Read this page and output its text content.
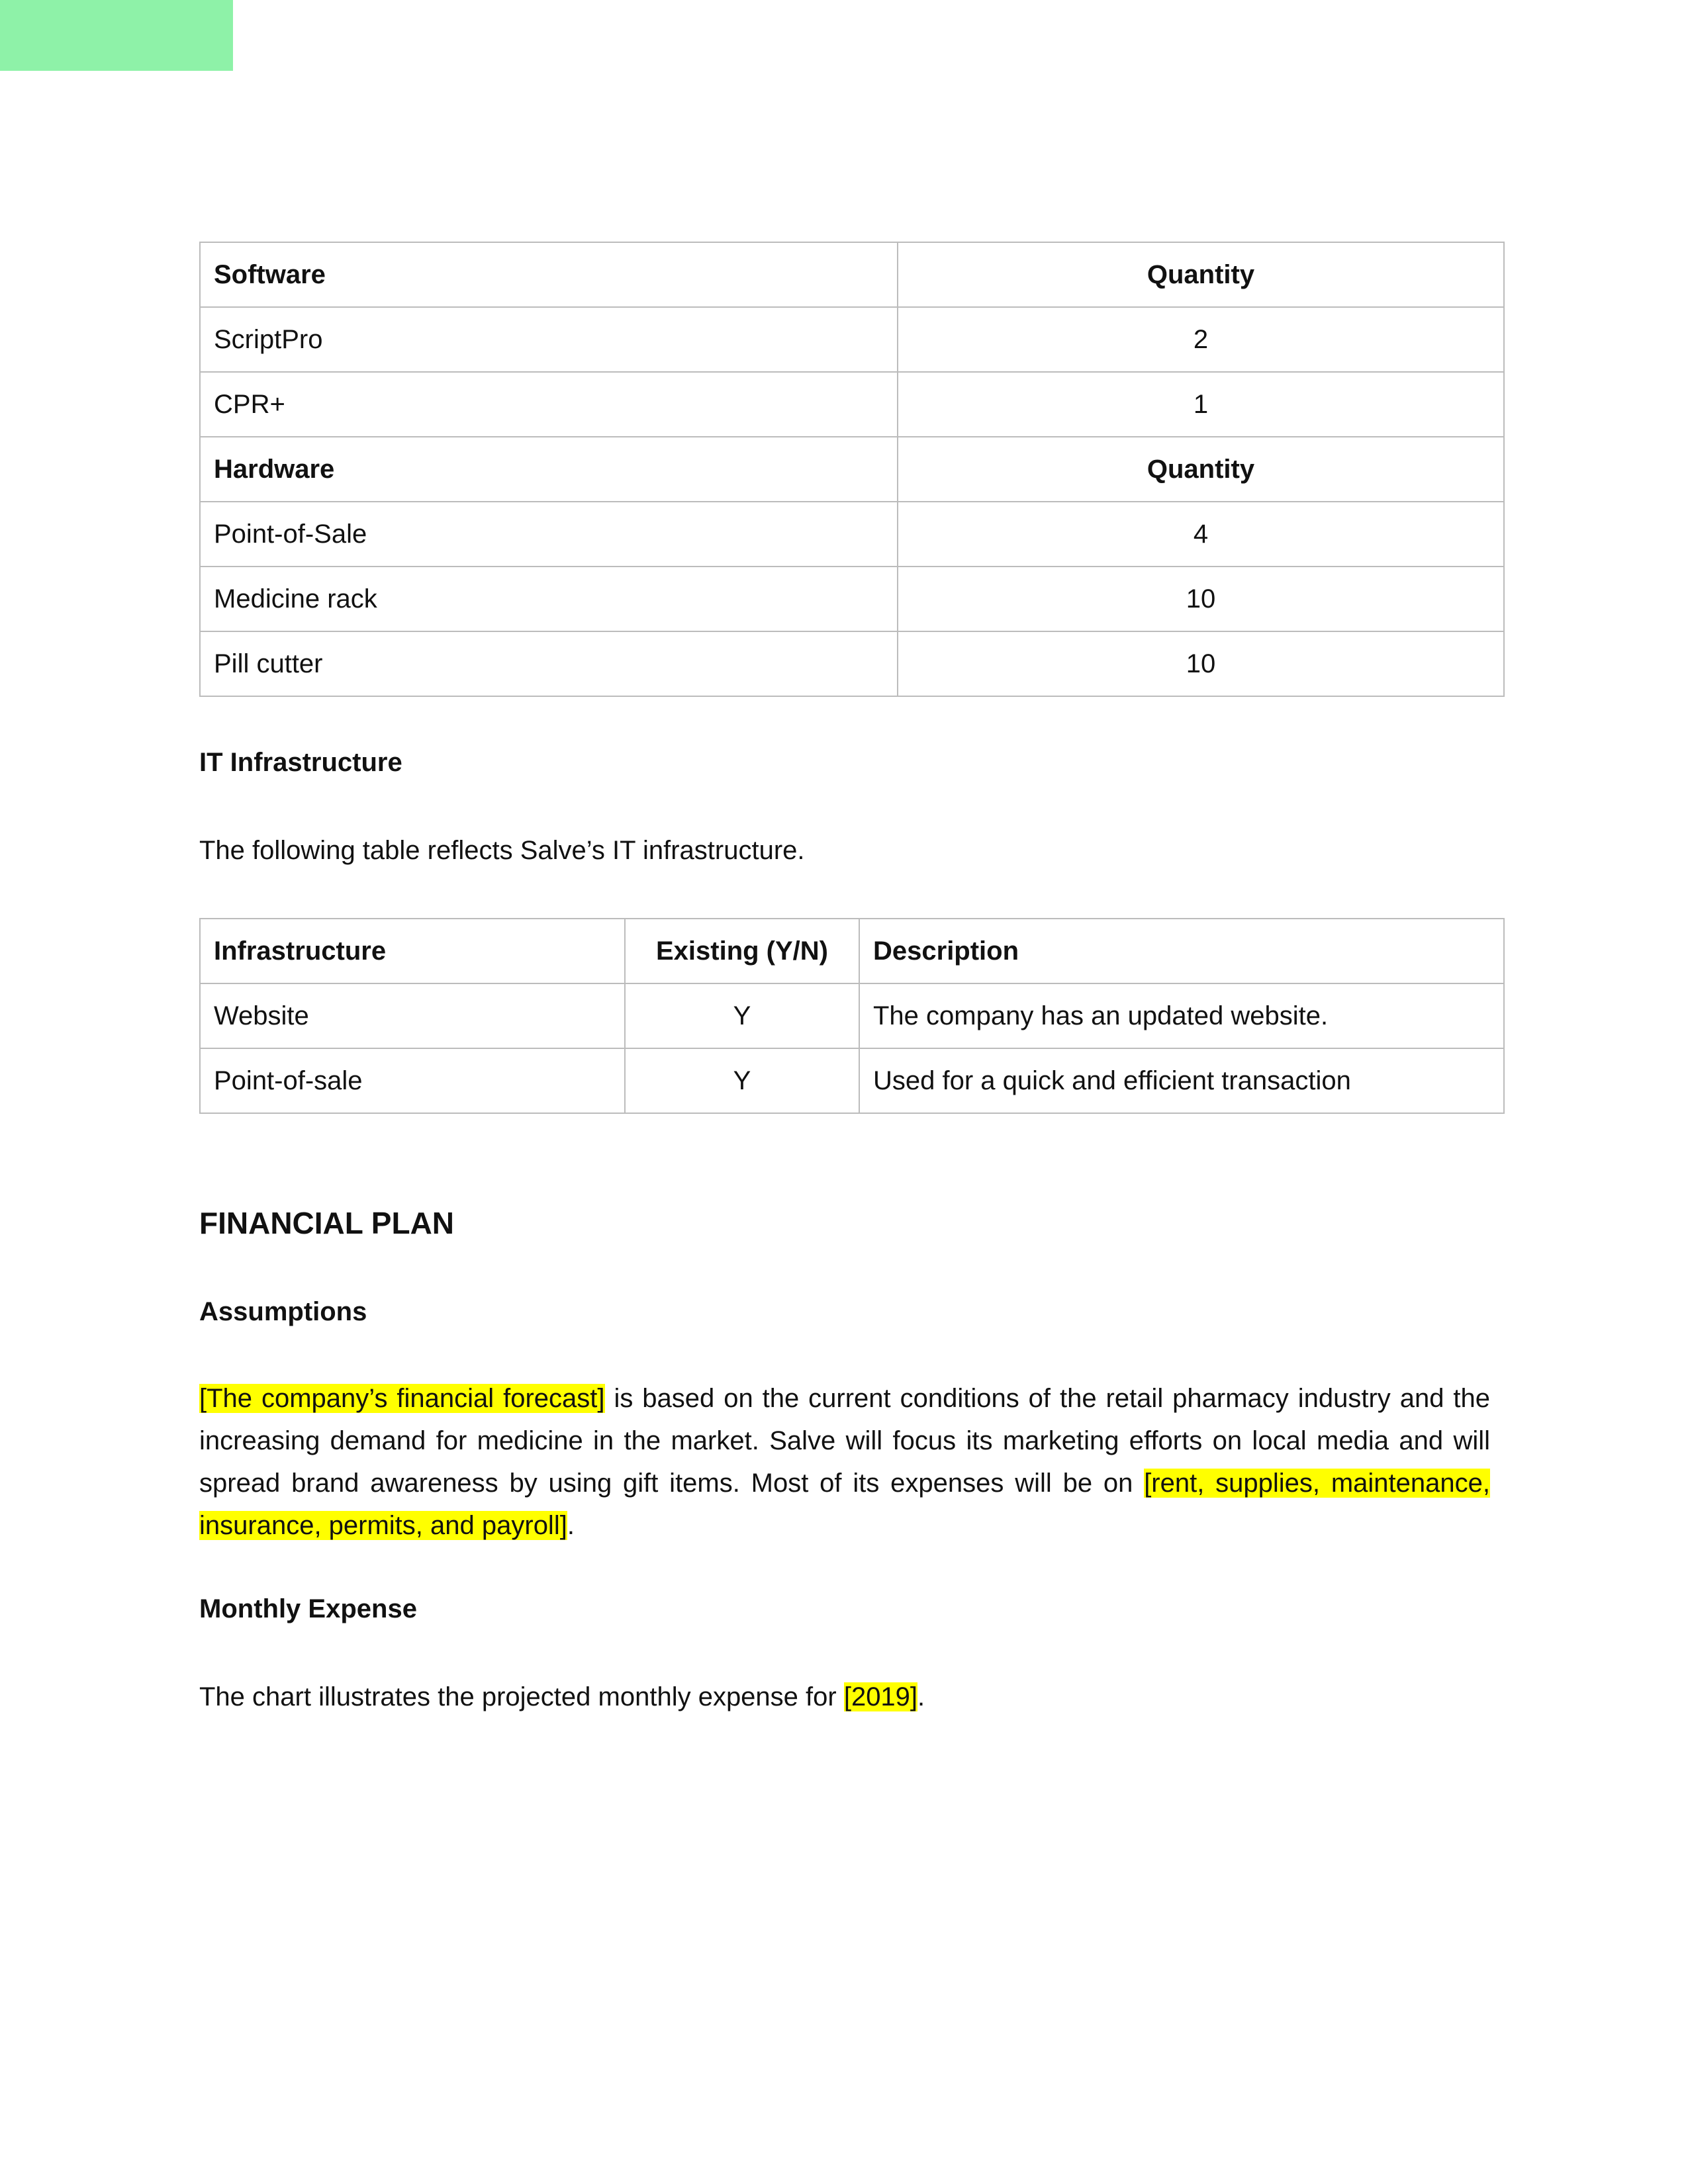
Software	Quantity
ScriptPro	2
CPR+	1
Hardware	Quantity
Point-of-Sale	4
Medicine rack	10
Pill cutter	10
IT Infrastructure
The following table reflects Salve’s IT infrastructure.
Infrastructure	Existing (Y/N)	Description
Website	Y	The company has an updated website.
Point-of-sale	Y	Used for a quick and efficient transaction
FINANCIAL PLAN
Assumptions
[The company’s financial forecast] is based on the current conditions of the retail pharmacy industry and the increasing demand for medicine in the market. Salve will focus its marketing efforts on local media and will spread brand awareness by using gift items. Most of its expenses will be on [rent, supplies, maintenance, insurance, permits, and payroll].
Monthly Expense
The chart illustrates the projected monthly expense for [2019].
